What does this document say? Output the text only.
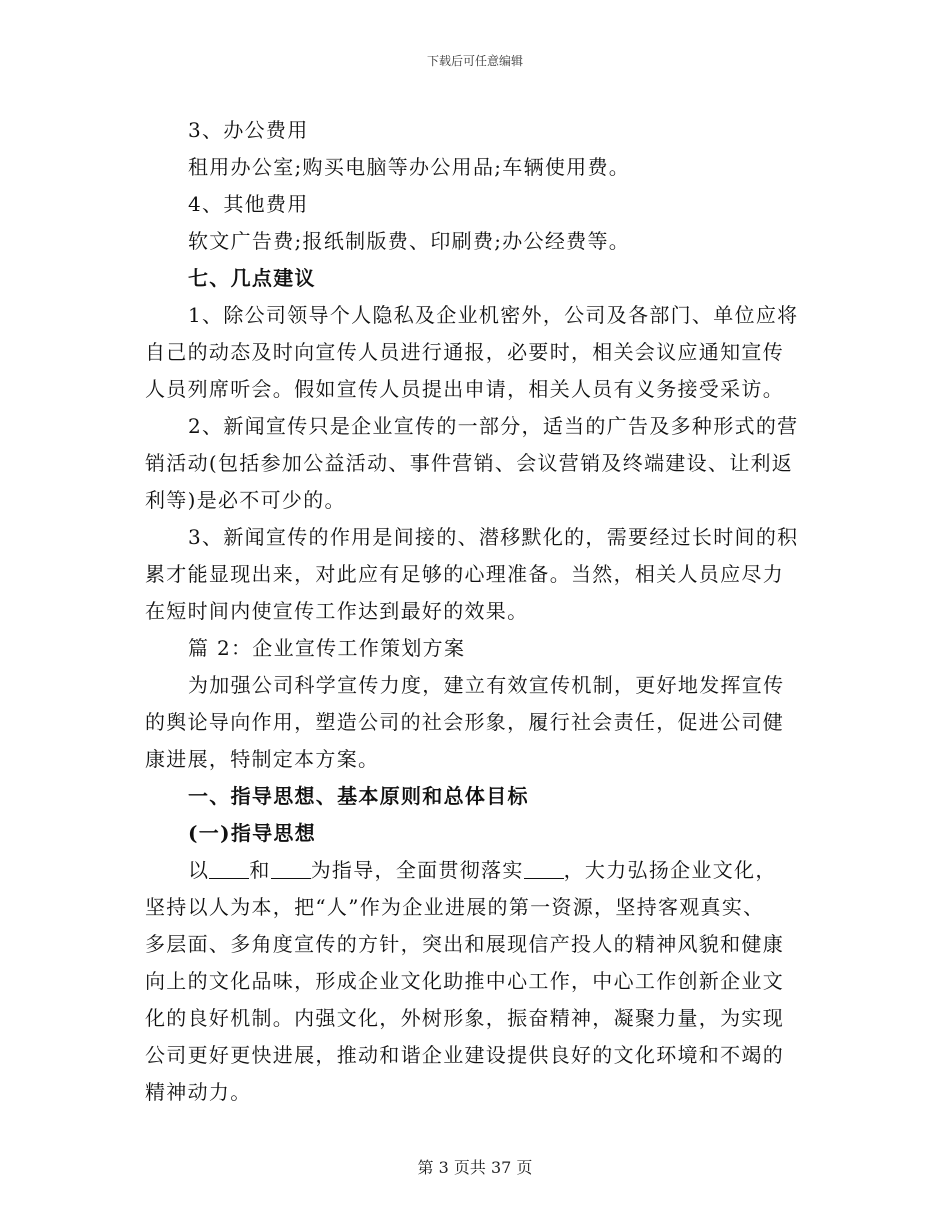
下载后可任意编辑
3、办公费用
租用办公室;购买电脑等办公用品;车辆使用费。
4、其他费用
软文广告费;报纸制版费、印刷费;办公经费等。
七、几点建议
1、除公司领导个人隐私及企业机密外，公司及各部门、单位应将
自己的动态及时向宣传人员进行通报，必要时，相关会议应通知宣传
人员列席听会。假如宣传人员提出申请，相关人员有义务接受采访。
2、新闻宣传只是企业宣传的一部分，适当的广告及多种形式的营
销活动(包括参加公益活动、事件营销、会议营销及终端建设、让利返
利等)是必不可少的。
3、新闻宣传的作用是间接的、潜移默化的，需要经过长时间的积
累才能显现出来，对此应有足够的心理准备。当然，相关人员应尽力
在短时间内使宣传工作达到最好的效果。
篇 2：企业宣传工作策划方案
为加强公司科学宣传力度，建立有效宣传机制，更好地发挥宣传
的舆论导向作用，塑造公司的社会形象，履行社会责任，促进公司健
康进展，特制定本方案。
一、指导思想、基本原则和总体目标
(一)指导思想
以 和 为指导，全面贯彻落实 ，大力弘扬企业文化，
坚持以人为本，把“人”作为企业进展的第一资源，坚持客观真实、
多层面、多角度宣传的方针，突出和展现信产投人的精神风貌和健康
向上的文化品味，形成企业文化助推中心工作，中心工作创新企业文
化的良好机制。内强文化，外树形象，振奋精神，凝聚力量，为实现
公司更好更快进展，推动和谐企业建设提供良好的文化环境和不竭的
精神动力。
第 3 页共 37 页
